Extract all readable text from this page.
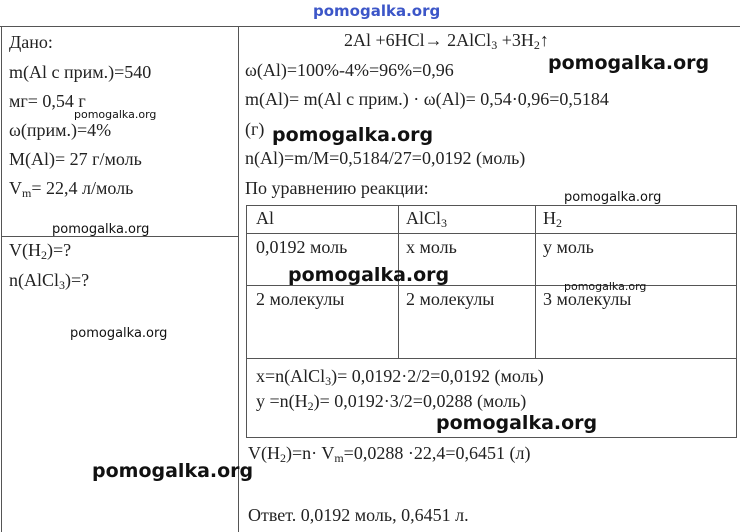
pomogalka.org
Дано:
m(Al с прим.)=540
мг= 0,54 г
ω(прим.)=4%
M(Al)= 27 г/моль
$V_m= 22,4$ л/моль
$V(H_2)=$?
n(AlCl$_3$)=?
2Al +6HCl→ 2AlCl$_3$ $+3H_2↑$
ω(Al)=100%-4%=96%=0,96
m(Al)= m(Al с прим.) · ω(Al)= 0,54·0,96=0,5184
(г)
n(Al)=m/M=0,5184/27=0,0192 (моль)
По уравнению реакции:
Al	AlCl$_3$	$H_2$
0,0192 моль	x моль	y моль
2 молекулы	2 молекулы	3 молекулы
x=n(AlCl$_3$)= 0,0192·2/2=0,0192 (моль)
$y =n(H_2)= 0,0192\cdot 3/2=0,0288$ (моль)
$V(H_2)=n\cdot V_m=0,0288 \cdot 22,4=0,6451$ (л)
Ответ. 0,0192 моль, 0,6451 л.
pomogalka.org
pomogalka.org
pomogalka.org
pomogalka.org
pomogalka.org
pomogalka.org
pomogalka.org
pomogalka.org
pomogalka.org
pomogalka.org
